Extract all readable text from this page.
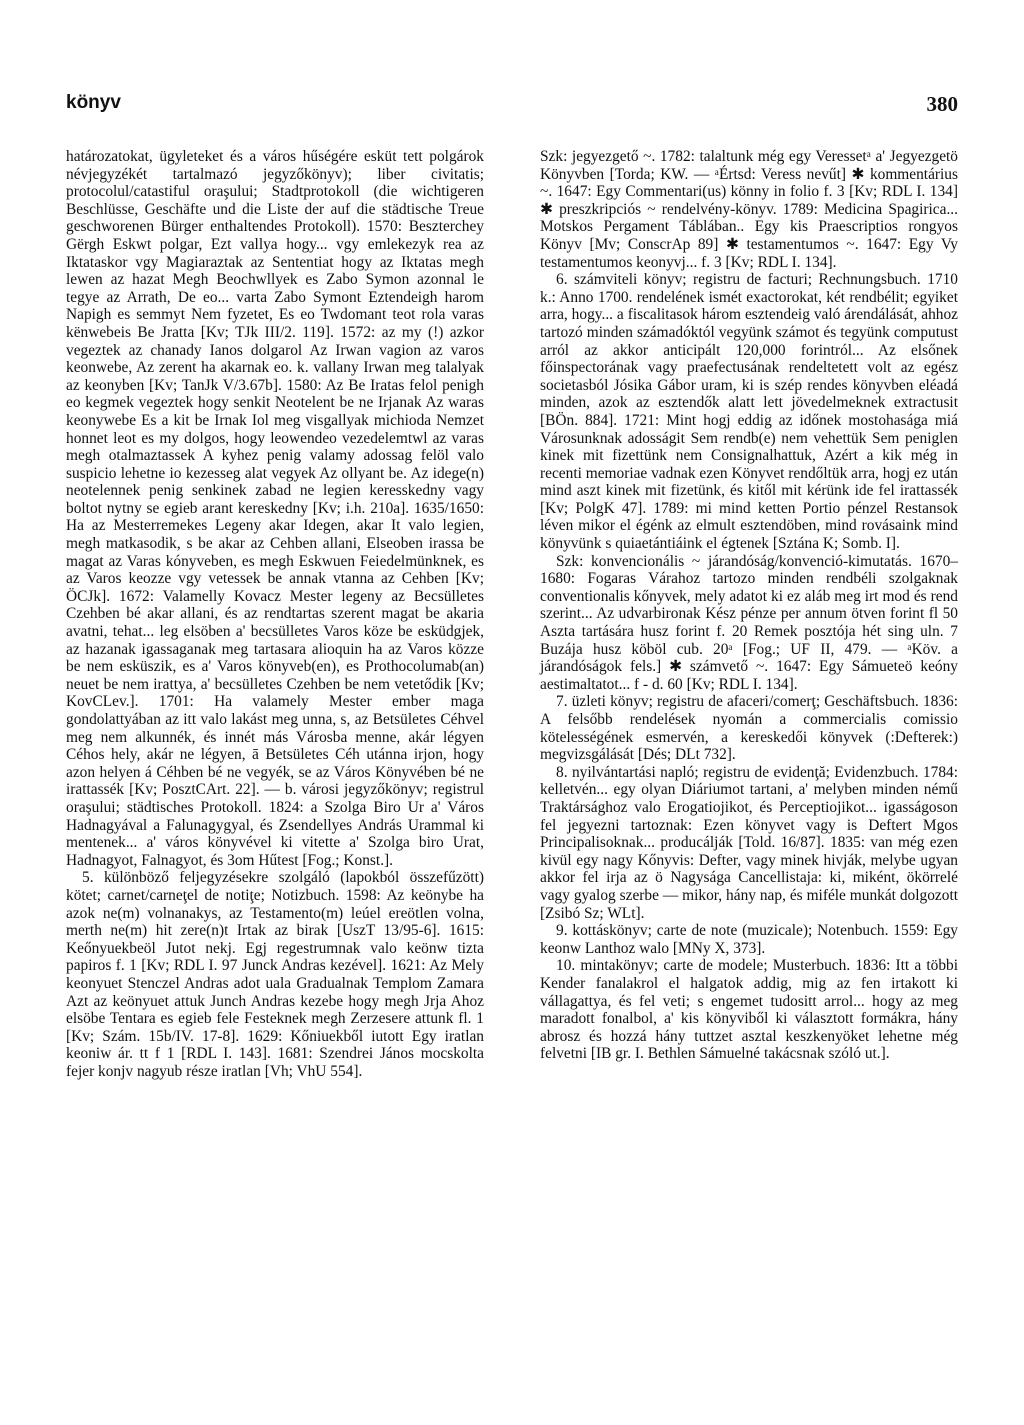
könyv	380

határozatokat, ügyleteket és a város hűségére esküt tett polgárok névjegyzékét tartalmazó jegyzőkönyv); liber civitatis; protocolul/catastiful oraşului; Stadtprotokoll (die wichtigeren Beschlüsse, Geschäfte und die Liste der auf die städtische Treue geschworenen Bürger enthaltendes Protokoll). 1570: Beszterchey Gërgh Eskwt polgar, Ezt vallya hogy... vgy emlekezyk rea az Iktataskor vgy Magiaraztak az Sententiat hogy az Iktatas megh lewen az hazat Megh Beochwllyek es Zabo Symon azonnal le tegye az Arrath, De eo... varta Zabo Symont Eztendeigh harom Napigh es semmyt Nem fyzetet, Es eo Twdomant teot rola varas kënwebeis Be Jratta [Kv; TJk III/2. 119]. 1572: az my (!) azkor vegeztek az chanady Ianos dolgarol Az Irwan vagion az varos keonwebe, Az zerent ha akarnak eo. k. vallany Irwan meg talalyak az keonyben [Kv; TanJk V/3.67b]. 1580: Az Be Iratas felol penigh eo kegmek vegeztek hogy senkit Neotelent be ne Irjanak Az waras keonywebe Es a kit be Irnak Iol meg visgallyak michioda Nemzet honnet leot es my dolgos, hogy leowendeo vezedelemtwl az varas megh otalmaztassek A kyhez penig valamy adossag felöl valo suspicio lehetne io kezesseg alat vegyek Az ollyant be. Az idege(n) neotelennek penig senkinek zabad ne legien keresskedny vagy boltot nytny se egieb arant kereskedny [Kv; i.h. 210a]. 1635/1650: Ha az Mesterremekes Legeny akar Idegen, akar It valo legien, megh matkasodik, s be akar az Cehben allani, Elseoben irassa be magat az Varas kónyveben, es megh Eskwuen Feiedelmünknek, es az Varos keozze vgy vetessek be annak vtanna az Cehben [Kv; ÖCJk]. 1672: Valamelly Kovacz Mester legeny az Becsülletes Czehben bé akar allani, és az rendtartas szerent magat be akaria avatni, tehat... leg elsöben a' becsülletes Varos köze be esküdgjek, az hazanak igassaganak meg tartasara alioquin ha az Varos közze be nem esküszik, es a' Varos könyveb(en), es Prothocolumab(an) neuet be nem irattya, a' becsülletes Czehben be nem vetetődik [Kv; KovCLev.]. 1701: Ha valamely Mester ember maga gondolattyában az itt valo lakást meg unna, s, az Betsületes Céhvel meg nem alkunnék, és innét más Városba menne, akár légyen Céhos hely, akár ne légyen, ā Betsületes Céh utánna irjon, hogy azon helyen á Céhben bé ne vegyék, se az Város Könyvében bé ne irattassék [Kv; PosztCArt. 22]. — b. városi jegyzőkönyv; registrul oraşului; städtisches Protokoll. 1824: a Szolga Biro Ur a' Város Hadnagyával a Falunagygyal, és Zsendellyes András Urammal ki mentenek... a' város könyvével ki vitette a' Szolga biro Urat, Hadnagyot, Falnagyot, és 3om Hűtest [Fog.; Konst.].

5. különböző feljegyzésekre szolgáló (lapokból összefűzött) kötet; carnet/carneţel de notiţe; Notizbuch. 1598: Az keönybe ha azok ne(m) volnanakys, az Testamento(m) leúel ereötlen volna, merth ne(m) hit zere(n)t Irtak az birak [UszT 13/95-6]. 1615: Keőnyuekbeöl Jutot nekj. Egj regestrumnak valo keönw tizta papiros f. 1 [Kv; RDL I. 97 Junck Andras kezével]. 1621: Az Mely keonyuet Stenczel Andras adot uala Gradualnak Templom Zamara Azt az keönyuet attuk Junch Andras kezebe hogy megh Jrja Ahoz elsöbe Tentara es egieb fele Festeknek megh Zerzesere attunk fl. 1 [Kv; Szám. 15b/IV. 17-8]. 1629: Kőniuekből iutott Egy iratlan keoniw ár. tt f 1 [RDL I. 143]. 1681: Szendrei János mocskolta fejer konjv nagyub része iratlan [Vh; VhU 554].

Szk: jegyezgető ~. 1782: talaltunk még egy Veressetᵃ a' Jegyezgetö Könyvben [Torda; KW. — ᵃÉrtsd: Veress nevűt] ✱ kommentárius ~. 1647: Egy Commentari(us) könny in folio f. 3 [Kv; RDL I. 134] ✱ preszkripciós ~ rendelvény-könyv. 1789: Medicina Spagirica... Motskos Pergament Táblában.. Egy kis Praescriptios rongyos Könyv [Mv; ConscrAp 89] ✱ testamentumos ~. 1647: Egy Vy testamentumos keonyvj... f. 3 [Kv; RDL I. 134].

6. számviteli könyv; registru de facturi; Rechnungsbuch. 1710 k.: Anno 1700. rendelének ismét exactorokat, két rendbélit; egyiket arra, hogy... a fiscalitasok három esztendeig való árendálását, ahhoz tartozó minden számadóktól vegyünk számot és tegyünk computust arról az akkor anticipált 120,000 forintról... Az elsőnek főinspectorának vagy praefectusának rendeltetett volt az egész societasból Jósika Gábor uram, ki is szép rendes könyvben eléadá minden, azok az esztendők alatt lett jövedelmeknek extractusit [BÖn. 884]. 1721: Mint hogj eddig az időnek mostohasága miá Városunknak adosságit Sem rendb(e) nem vehettük Sem peniglen kinek mit fizettünk nem Consignalhattuk, Azért a kik még in recenti memoriae vadnak ezen Könyvet rendőltük arra, hogj ez után mind aszt kinek mit fizetünk, és kitől mit kérünk ide fel irattassék [Kv; PolgK 47]. 1789: mi mind ketten Portio pénzel Restansok léven mikor el égénk az elmult esztendöben, mind rovásaink mind könyvünk s quiaetántiáink el égtenek [Sztána K; Somb. I].

Szk: konvencionális ~ járandóság/konvenció-kimutatás. 1670–1680: Fogaras Várahoz tartozo minden rendbéli szolgaknak conventionalis kőnyvek, mely adatot ki ez aláb meg irt mod és rend szerint... Az udvarbironak Kész pénze per annum ötven forint fl 50 Aszta tartására husz forint f. 20 Remek posztója hét sing uln. 7 Buzája husz köböl cub. 20ᵃ [Fog.; UF II, 479. — ᵃKöv. a járandóságok fels.] ✱ számvető ~. 1647: Egy Sámueteö keóny aestimaltatot... f - d. 60 [Kv; RDL I. 134].

7. üzleti könyv; registru de afaceri/comerţ; Geschäftsbuch. 1836: A felsőbb rendelések nyomán a commercialis comissio kötelességének esmervén, a kereskedői könyvek (:Defterek:) megvizsgálását [Dés; DLt 732].

8. nyilvántartási napló; registru de evidenţă; Evidenzbuch. 1784: kelletvén... egy olyan Diáriumot tartani, a' melyben minden némű Traktársághoz valo Erogatiojikot, és Perceptiojikot... igasságoson fel jegyezni tartoznak: Ezen könyvet vagy is Deftert Mgos Principalisoknak... producálják [Told. 16/87]. 1835: van még ezen kivül egy nagy Kőnyvis: Defter, vagy minek hivják, melybe ugyan akkor fel irja az ö Nagysága Cancellistaja: ki, miként, ökörrelé vagy gyalog szerbe — mikor, hány nap, és miféle munkát dolgozott [Zsibó Sz; WLt].

9. kottáskönyv; carte de note (muzicale); Notenbuch. 1559: Egy keonw Lanthoz walo [MNy X, 373].

10. mintakönyv; carte de modele; Musterbuch. 1836: Itt a többi Kender fanalakrol el halgatok addig, mig az fen irtakott ki vállagattya, és fel veti; s engemet tudositt arrol... hogy az meg maradott fonalbol, a' kis könyviből ki választott formákra, hány abrosz és hozzá hány tuttzet asztal keszkenyöket lehetne még felvetni [IB gr. I. Bethlen Sámuelné takácsnak szóló ut.].
